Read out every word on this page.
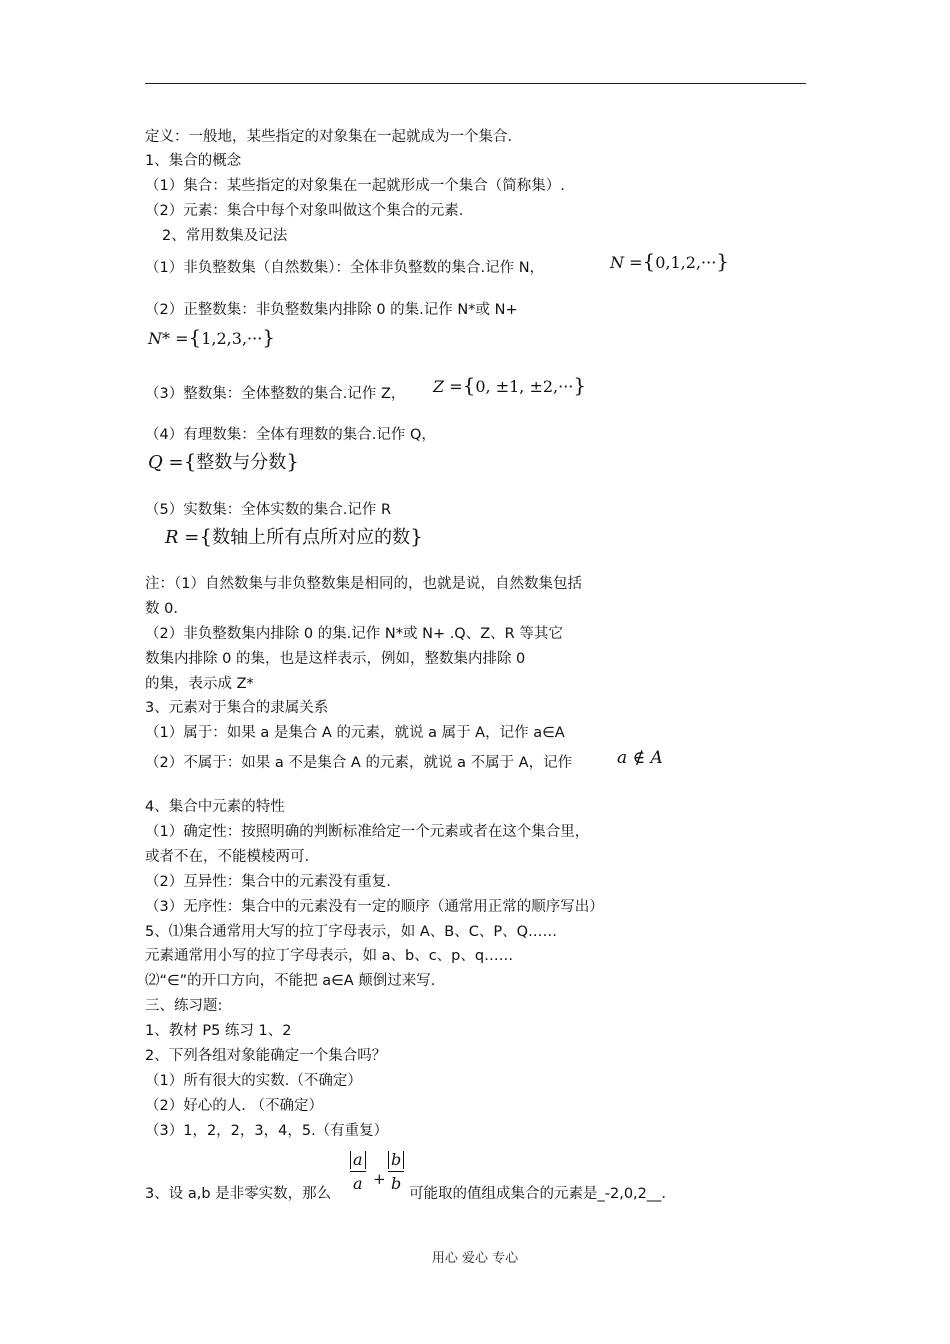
定义：一般地，某些指定的对象集在一起就成为一个集合.
1、集合的概念
（1）集合：某些指定的对象集在一起就形成一个集合（简称集）.
（2）元素：集合中每个对象叫做这个集合的元素.
2、常用数集及记法
（1）非负整数集（自然数集）：全体非负整数的集合.记作 N，	N ={0,1,2,···}
（2）正整数集：非负整数集内排除 0 的集.记作 N*或 N+
N* ={1,2,3,···}
（3）整数集：全体整数的集合.记作 Z， Z ={0, ±1, ±2,···}
（4）有理数集：全体有理数的集合.记作 Q，
Q ={整数与分数}
（5）实数集：全体实数的集合.记作 R
R ={数轴上所有点所对应的数}
注：（1）自然数集与非负整数集是相同的，也就是说，自然数集包括
数 0.
（2）非负整数集内排除 0 的集.记作 N*或 N+ .Q、Z、R 等其它
数集内排除 0 的集，也是这样表示，例如，整数集内排除 0
的集，表示成 Z*
3、元素对于集合的隶属关系
（1）属于：如果 a 是集合 A 的元素，就说 a 属于 A，记作 a∈A
（2）不属于：如果 a 不是集合 A 的元素，就说 a 不属于 A，记作	a ∉ A
4、集合中元素的特性
（1）确定性：按照明确的判断标准给定一个元素或者在这个集合里，
或者不在，不能模棱两可.
（2）互异性：集合中的元素没有重复.
（3）无序性：集合中的元素没有一定的顺序（通常用正常的顺序写出）
5、⑴集合通常用大写的拉丁字母表示，如 A、B、C、P、Q……
元素通常用小写的拉丁字母表示，如 a、b、c、p、q……
⑵“∈”的开口方向，不能把 a∈A 颠倒过来写.
三、练习题:
1、教材 P5 练习 1、2
2、下列各组对象能确定一个集合吗？
（1）所有很大的实数.（不确定）
（2）好心的人. （不确定）
（3）1，2，2，3，4，5.（有重复）
3、设 a,b 是非零实数，那么
a
a +
b
b
可能取的值组成集合的元素是_-2,0,2__.
用心 爱心 专心
